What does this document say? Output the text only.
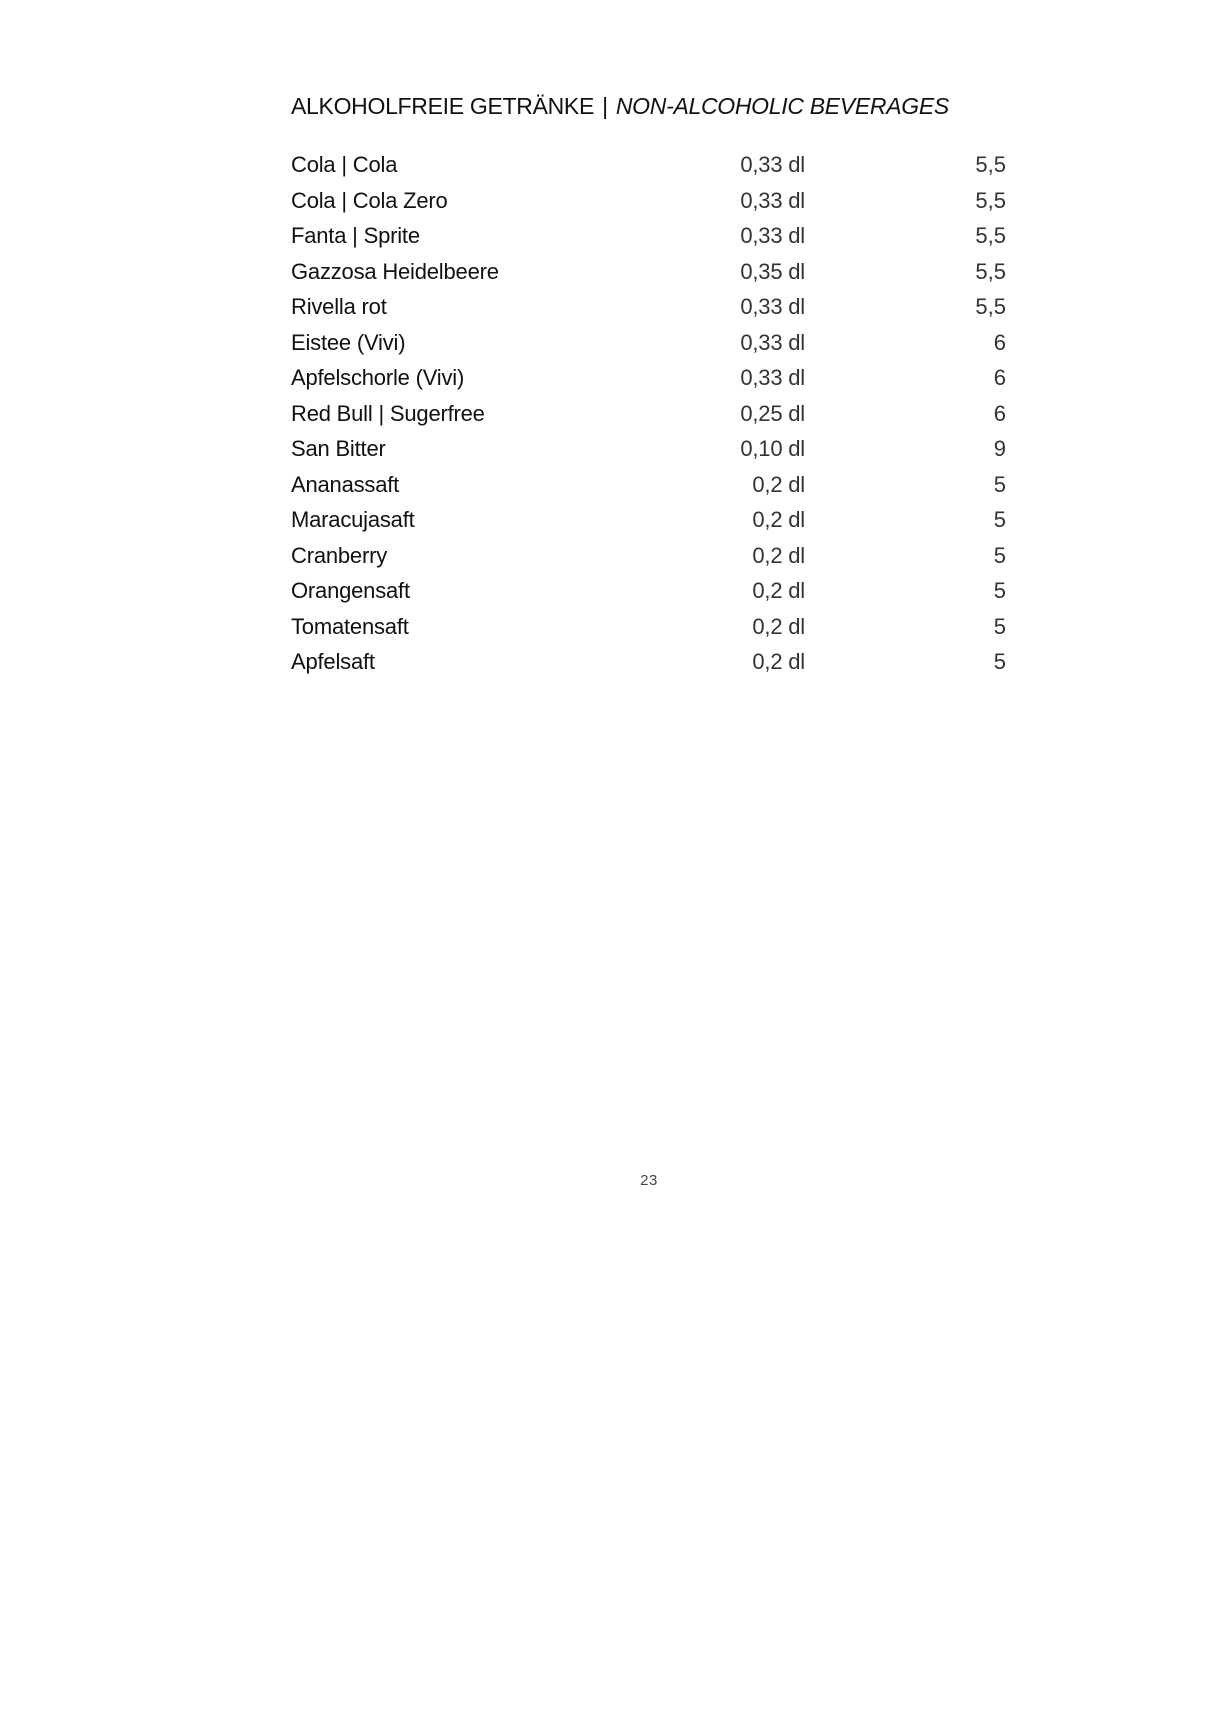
ALKOHOLFREIE GETRÄNKE | NON-ALCOHOLIC BEVERAGES
Cola | Cola	0,33 dl	5,5
Cola | Cola Zero	0,33 dl	5,5
Fanta | Sprite	0,33 dl	5,5
Gazzosa Heidelbeere	0,35 dl	5,5
Rivella rot	0,33 dl	5,5
Eistee (Vivi)	0,33 dl	6
Apfelschorle (Vivi)	0,33 dl	6
Red Bull | Sugerfree	0,25 dl	6
San Bitter	0,10 dl	9
Ananassaft	0,2 dl	5
Maracujasaft	0,2 dl	5
Cranberry	0,2 dl	5
Orangensaft	0,2 dl	5
Tomatensaft	0,2 dl	5
Apfelsaft	0,2 dl	5
23
